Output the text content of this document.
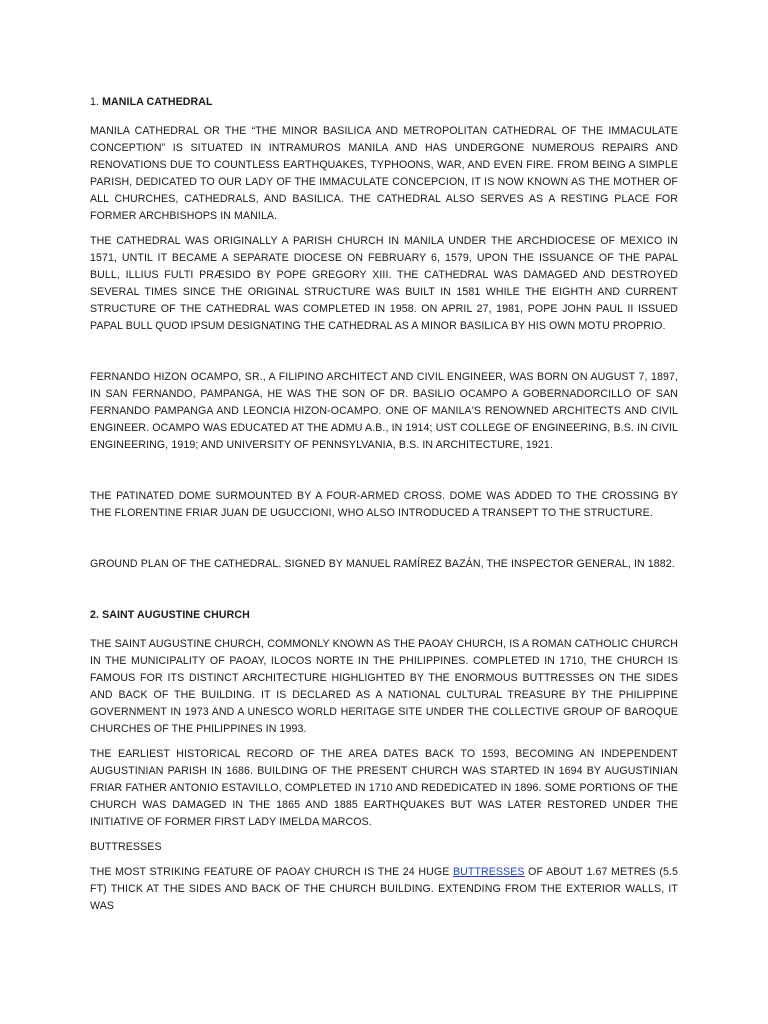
1. MANILA CATHEDRAL

MANILA CATHEDRAL OR THE “THE MINOR BASILICA AND METROPOLITAN CATHEDRAL OF THE IMMACULATE CONCEPTION” IS SITUATED IN INTRAMUROS MANILA AND HAS UNDERGONE NUMEROUS REPAIRS AND RENOVATIONS DUE TO COUNTLESS EARTHQUAKES, TYPHOONS, WAR, AND EVEN FIRE. FROM BEING A SIMPLE PARISH, DEDICATED TO OUR LADY OF THE IMMACULATE CONCEPCION, IT IS NOW KNOWN AS THE MOTHER OF ALL CHURCHES, CATHEDRALS, AND BASILICA. THE CATHEDRAL ALSO SERVES AS A RESTING PLACE FOR FORMER ARCHBISHOPS IN MANILA.

THE CATHEDRAL WAS ORIGINALLY A PARISH CHURCH IN MANILA UNDER THE ARCHDIOCESE OF MEXICO IN 1571, UNTIL IT BECAME A SEPARATE DIOCESE ON FEBRUARY 6, 1579, UPON THE ISSUANCE OF THE PAPAL BULL, ILLIUS FULTI PRÆSIDO BY POPE GREGORY XIII. THE CATHEDRAL WAS DAMAGED AND DESTROYED SEVERAL TIMES SINCE THE ORIGINAL STRUCTURE WAS BUILT IN 1581 WHILE THE EIGHTH AND CURRENT STRUCTURE OF THE CATHEDRAL WAS COMPLETED IN 1958. ON APRIL 27, 1981, POPE JOHN PAUL II ISSUED PAPAL BULL QUOD IPSUM DESIGNATING THE CATHEDRAL AS A MINOR BASILICA BY HIS OWN MOTU PROPRIO.

FERNANDO HIZON OCAMPO, SR., A FILIPINO ARCHITECT AND CIVIL ENGINEER, WAS BORN ON AUGUST 7, 1897, IN SAN FERNANDO, PAMPANGA, HE WAS THE SON OF DR. BASILIO OCAMPO A GOBERNADORCILLO OF SAN FERNANDO PAMPANGA AND LEONCIA HIZON-OCAMPO. ONE OF MANILA'S RENOWNED ARCHITECTS AND CIVIL ENGINEER. OCAMPO WAS EDUCATED AT THE ADMU A.B., IN 1914; UST COLLEGE OF ENGINEERING, B.S. IN CIVIL ENGINEERING, 1919; AND UNIVERSITY OF PENNSYLVANIA, B.S. IN ARCHITECTURE, 1921.

THE PATINATED DOME SURMOUNTED BY A FOUR-ARMED CROSS. DOME WAS ADDED TO THE CROSSING BY THE FLORENTINE FRIAR JUAN DE UGUCCIONI, WHO ALSO INTRODUCED A TRANSEPT TO THE STRUCTURE.

GROUND PLAN OF THE CATHEDRAL. SIGNED BY MANUEL RAMÍREZ BAZÁN, THE INSPECTOR GENERAL, IN 1882.

2. SAINT AUGUSTINE CHURCH

THE SAINT AUGUSTINE CHURCH, COMMONLY KNOWN AS THE PAOAY CHURCH, IS A ROMAN CATHOLIC CHURCH IN THE MUNICIPALITY OF PAOAY, ILOCOS NORTE IN THE PHILIPPINES. COMPLETED IN 1710, THE CHURCH IS FAMOUS FOR ITS DISTINCT ARCHITECTURE HIGHLIGHTED BY THE ENORMOUS BUTTRESSES ON THE SIDES AND BACK OF THE BUILDING. IT IS DECLARED AS A NATIONAL CULTURAL TREASURE BY THE PHILIPPINE GOVERNMENT IN 1973 AND A UNESCO WORLD HERITAGE SITE UNDER THE COLLECTIVE GROUP OF BAROQUE CHURCHES OF THE PHILIPPINES IN 1993.

THE EARLIEST HISTORICAL RECORD OF THE AREA DATES BACK TO 1593, BECOMING AN INDEPENDENT AUGUSTINIAN PARISH IN 1686. BUILDING OF THE PRESENT CHURCH WAS STARTED IN 1694 BY AUGUSTINIAN FRIAR FATHER ANTONIO ESTAVILLO, COMPLETED IN 1710 AND REDEDICATED IN 1896. SOME PORTIONS OF THE CHURCH WAS DAMAGED IN THE 1865 AND 1885 EARTHQUAKES BUT WAS LATER RESTORED UNDER THE INITIATIVE OF FORMER FIRST LADY IMELDA MARCOS.

BUTTRESSES

THE MOST STRIKING FEATURE OF PAOAY CHURCH IS THE 24 HUGE BUTTRESSES OF ABOUT 1.67 METRES (5.5 FT) THICK AT THE SIDES AND BACK OF THE CHURCH BUILDING. EXTENDING FROM THE EXTERIOR WALLS, IT WAS
